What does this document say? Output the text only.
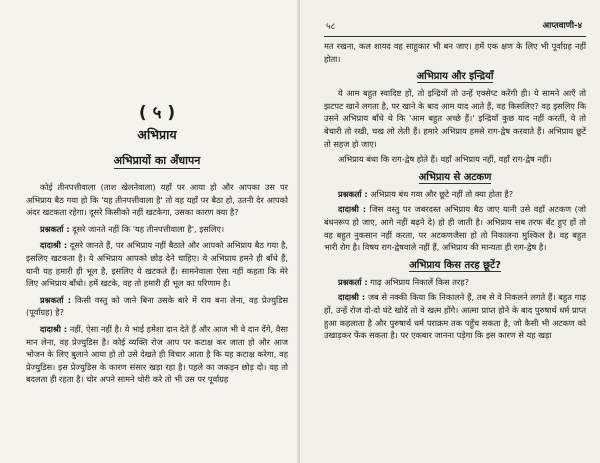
( ५ )
अभिप्राय
अभिप्रायों का अँधापन

कोई तीनपत्तीवाला (ताश खेलनेवाला) यहाँ पर आया हो और आपका उस पर अभिप्राय बैठ गया हो कि 'यह तीनपत्तीवाला है' तो वह यहाँ पर बैठा हो, उतनी देर आपको अंदर खटकता रहेगा। दूसरे किसीको नहीं खटकेगा, उसका कारण क्या है?

प्रश्नकर्ता : दूसरे जानते नहीं कि 'यह तीनपत्तीवाला है', इसलिए।

दादाश्री : दूसरे जानते हैं, पर अभिप्राय नहीं बैठाते और आपको अभिप्राय बैठ गया है, इसलिए खटकता है। ये अभिप्राय आपको छोड़ देने चाहिए। ये अभिप्राय हमने ही बाँधे हैं, यानी यह हमारी ही भूल है, इसलिए ये खटकते हैं। सामनेवाला ऐसा नहीं कहता कि मेरे लिए अभिप्राय बाँधो। हमें खटके, वह तो हमारी ही भूल का परिणाम है।

प्रश्नकर्ता : किसी वस्तु को जाने बिना उसके बारे में राय बना लेना, वह प्रेज्युडिस (पूर्वाग्रह) है?

दादाश्री : नहीं, ऐसा नहीं है। ये भाई हमेशा दान देते हैं और आज भी वे दान देंगे, वैसा मान लेना, वह प्रेज्युडिस है। कोई व्यक्ति रोज आप पर कटाक्ष कर जाता हो और आज भोजन के लिए बुलाने आया हो तो उसे देखते ही विचार आता है कि यह कटाक्ष करेगा, वह प्रेज्युडिस। इस प्रेज्युडिस के कारण संसार खड़ा रहा है। पहले का जकड़न छोड़ दो। वह तो बदलता ही रहता है। चोर अपने सामने चोरी करे तो भी उस पर पूर्वाग्रह

५८	आप्तवाणी-४

मत रखना, कल शायद वह साहूकार भी बन जाए। हमें एक क्षण के लिए भी पूर्वाग्रह नहीं होता।

अभिप्राय और इन्द्रियाँ

ये आम बहुत स्वादिष्ट हों, तो इन्द्रियों तो उन्हें एक्सेप्ट करेंगी ही। ये सामने आएँ तो झटपट खाने लगता है, पर खाने के बाद आम याद आते हैं, वह किसलिए? वह इसलिए कि उसने अभिप्राय बाँधे थे कि 'आम बहुत अच्छे हैं।' इन्द्रियाँ कुछ याद नहीं करतीं, वे तो बेचारी तो रखी, चख लो लेती हैं। हमारे अभिप्राय हमसे राग-द्वेष करवाते हैं। अभिप्राय छूटें तो सहज हो जाए।

अभिप्राय बंधा कि राग-द्वेष होते हैं। वहाँ अभिप्राय नहीं, वहाँ राग-द्वेष नहीं।

अभिप्राय से अटकण

प्रश्नकर्ता : अभिप्राय बंध गया और छूटे नहीं तो क्या होता है?

दादाश्री : जिस वस्तु पर जबरदस्त अभिप्राय बैठ जाए यानी उसे वहाँ अटकण (जो बंधनरूप हो जाए, आगे नहीं बढ़ने दे) हो ही जाती है। अभिप्राय सब तरफ बँट हुए हों तो वह बहुत नुकसान नहीं करता, पर अटकणजैसा हो तो निकालना मुश्किल है। वह बहुत भारी रोग है। विषय राग-द्वेषवाले नहीं हैं, अभिप्राय की मान्यता ही राग-द्वेष है।

अभिप्राय किस तरह छूटें?

प्रश्नकर्ता : गाढ़ अभिप्राय निकालें किस तरह?

दादाश्री : जब से नक्की किया कि निकालने हैं, तब से वे निकलने लगते हैं। बहुत गाढ़ हों, उन्हें रोज दो-दो घंटे खोदें तो वे खत्म होंगे। आत्मा प्राप्त होने के बाद पुरुषार्थ धर्म प्राप्त हुआ कहलाता है और पुरुषार्थ धर्म पराक्रम तक पहुँच सकता है, जो कैसी भी अटकण को उखाड़कर फेंक सकता है। पर एकबार जानना पड़ेगा कि इस कारण से यह खड़ा
